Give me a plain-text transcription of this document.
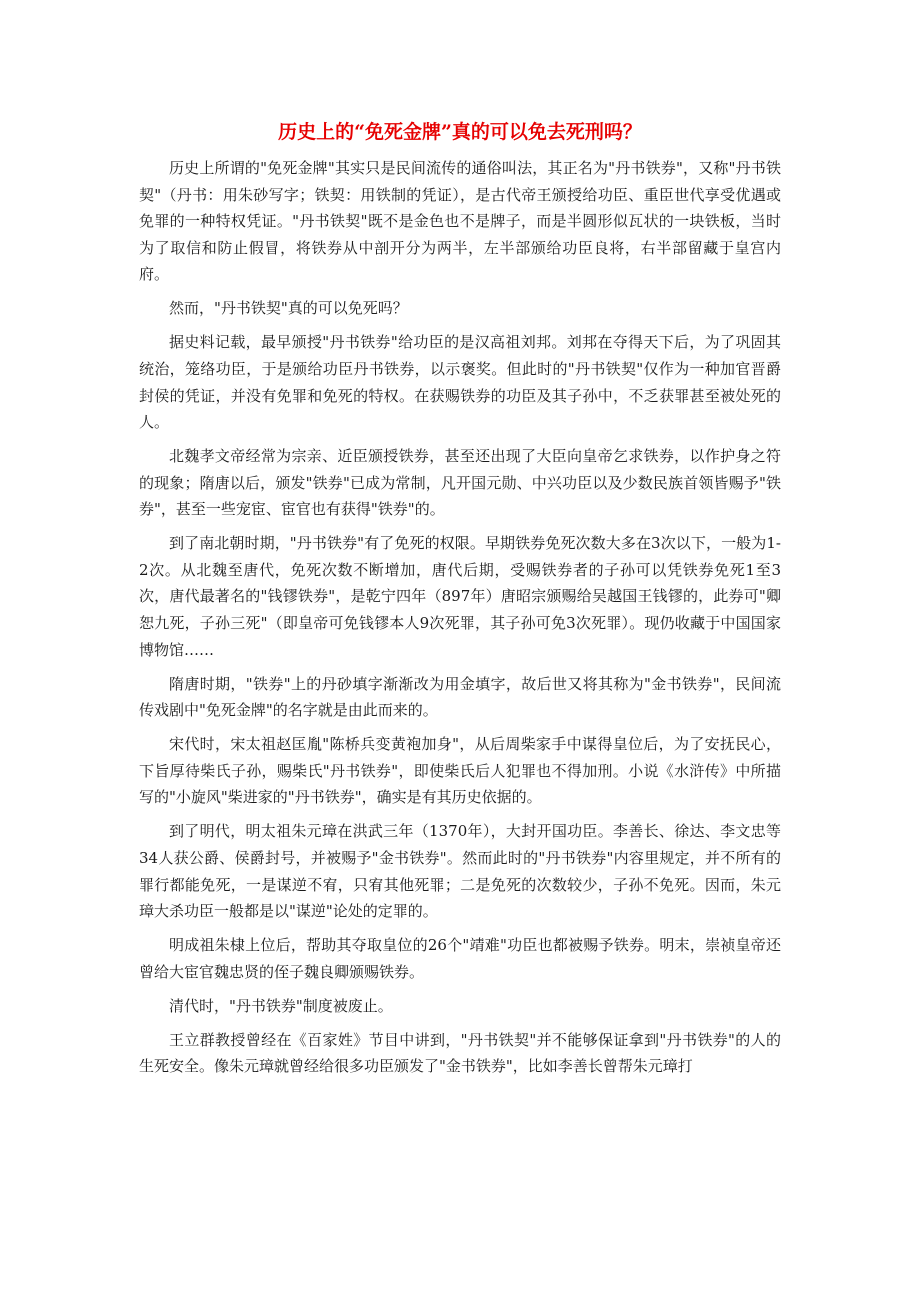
历史上的“免死金牌”真的可以免去死刑吗？

历史上所谓的"免死金牌"其实只是民间流传的通俗叫法，其正名为"丹书铁券"，又称"丹书铁契"（丹书：用朱砂写字；铁契：用铁制的凭证），是古代帝王颁授给功臣、重臣世代享受优遇或免罪的一种特权凭证。"丹书铁契"既不是金色也不是牌子，而是半圆形似瓦状的一块铁板，当时为了取信和防止假冒，将铁券从中剖开分为两半，左半部颁给功臣良将，右半部留藏于皇宫内府。

然而，"丹书铁契"真的可以免死吗？

据史料记载，最早颁授"丹书铁券"给功臣的是汉高祖刘邦。刘邦在夺得天下后，为了巩固其统治，笼络功臣，于是颁给功臣丹书铁券，以示褒奖。但此时的"丹书铁契"仅作为一种加官晋爵封侯的凭证，并没有免罪和免死的特权。在获赐铁券的功臣及其子孙中，不乏获罪甚至被处死的人。

北魏孝文帝经常为宗亲、近臣颁授铁券，甚至还出现了大臣向皇帝乞求铁券，以作护身之符的现象；隋唐以后，颁发"铁券"已成为常制，凡开国元勋、中兴功臣以及少数民族首领皆赐予"铁券"，甚至一些宠宦、宦官也有获得"铁券"的。

到了南北朝时期，"丹书铁券"有了免死的权限。早期铁券免死次数大多在3次以下，一般为1-2次。从北魏至唐代，免死次数不断增加，唐代后期，受赐铁券者的子孙可以凭铁券免死1至3次，唐代最著名的"钱镠铁券"，是乾宁四年（897年）唐昭宗颁赐给吴越国王钱镠的，此券可"卿恕九死，子孙三死"（即皇帝可免钱镠本人9次死罪，其子孙可免3次死罪）。现仍收藏于中国国家博物馆……

隋唐时期，"铁券"上的丹砂填字渐渐改为用金填字，故后世又将其称为"金书铁券"，民间流传戏剧中"免死金牌"的名字就是由此而来的。

宋代时，宋太祖赵匡胤"陈桥兵变黄袍加身"，从后周柴家手中谋得皇位后，为了安抚民心，下旨厚待柴氏子孙，赐柴氏"丹书铁券"，即使柴氏后人犯罪也不得加刑。小说《水浒传》中所描写的"小旋风"柴进家的"丹书铁券"，确实是有其历史依据的。

到了明代，明太祖朱元璋在洪武三年（1370年），大封开国功臣。李善长、徐达、李文忠等34人获公爵、侯爵封号，并被赐予"金书铁券"。然而此时的"丹书铁券"内容里规定，并不所有的罪行都能免死，一是谋逆不宥，只宥其他死罪；二是免死的次数较少，子孙不免死。因而，朱元璋大杀功臣一般都是以"谋逆"论处的定罪的。

明成祖朱棣上位后，帮助其夺取皇位的26个"靖难"功臣也都被赐予铁券。明末，崇祯皇帝还曾给大宦官魏忠贤的侄子魏良卿颁赐铁券。

清代时，"丹书铁券"制度被废止。

王立群教授曾经在《百家姓》节目中讲到，"丹书铁契"并不能够保证拿到"丹书铁券"的人的生死安全。像朱元璋就曾经给很多功臣颁发了"金书铁券"，比如李善长曾帮朱元璋打
